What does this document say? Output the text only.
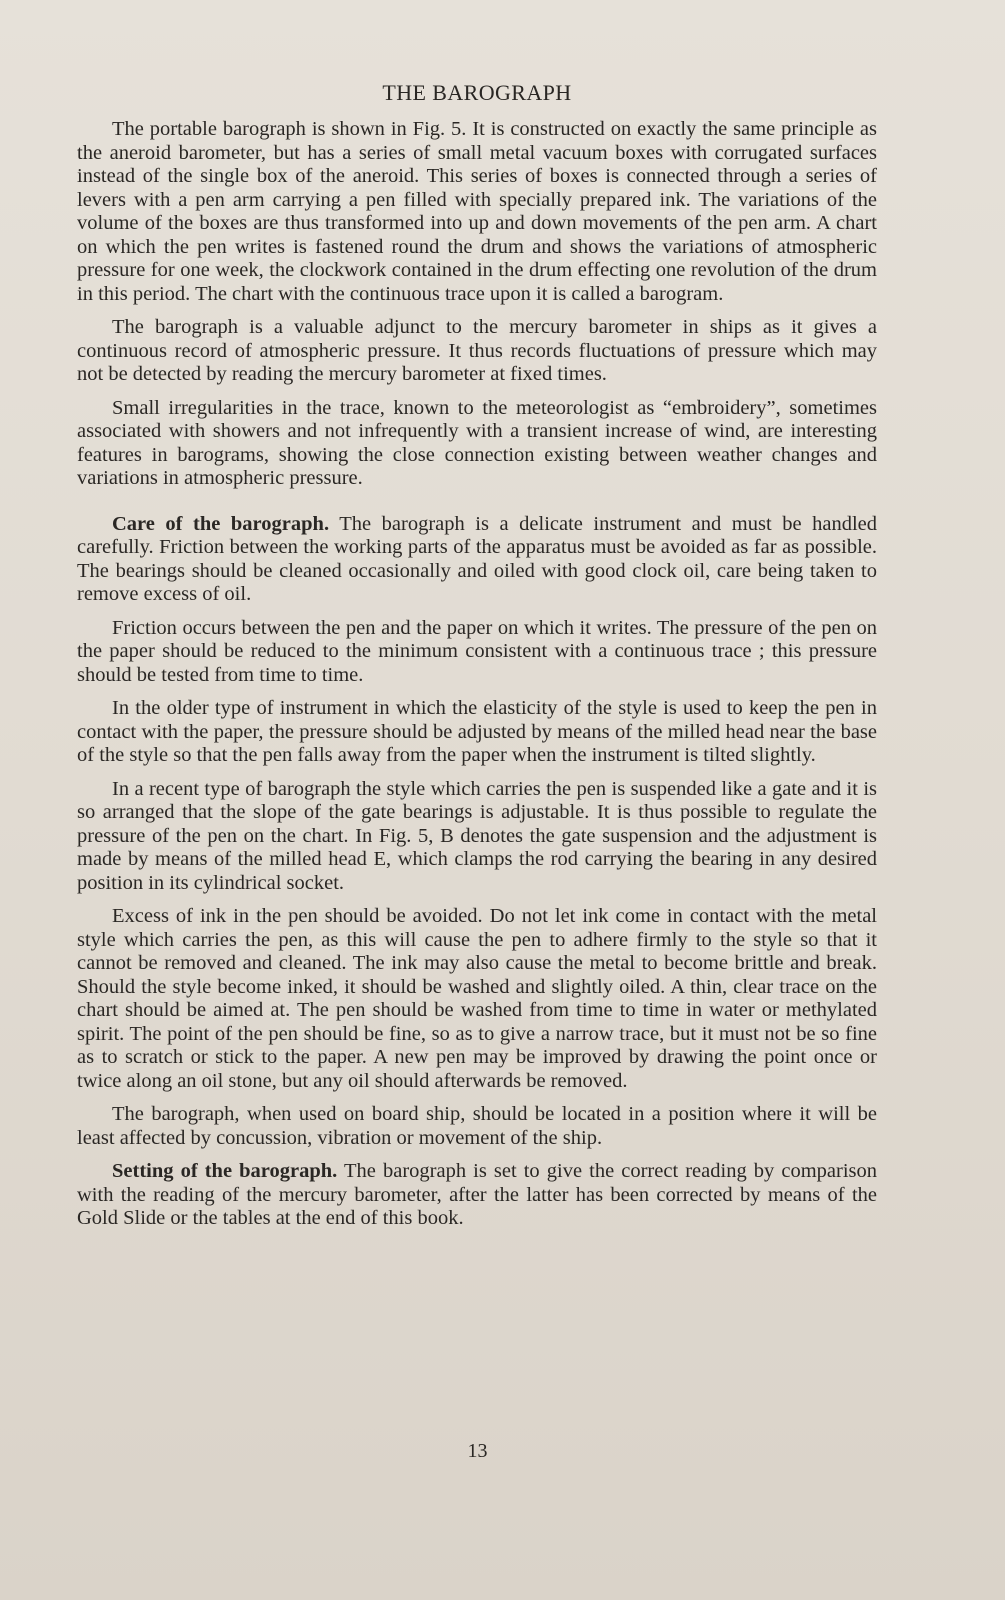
THE BAROGRAPH

The portable barograph is shown in Fig. 5. It is constructed on exactly the same principle as the aneroid barometer, but has a series of small metal vacuum boxes with corrugated surfaces instead of the single box of the aneroid. This series of boxes is connected through a series of levers with a pen arm carrying a pen filled with specially prepared ink. The variations of the volume of the boxes are thus transformed into up and down movements of the pen arm. A chart on which the pen writes is fastened round the drum and shows the variations of atmospheric pressure for one week, the clockwork contained in the drum effecting one revolution of the drum in this period. The chart with the continuous trace upon it is called a barogram.

The barograph is a valuable adjunct to the mercury barometer in ships as it gives a continuous record of atmospheric pressure. It thus records fluctuations of pressure which may not be detected by reading the mercury barometer at fixed times.

Small irregularities in the trace, known to the meteorologist as “embroidery”, sometimes associated with showers and not infrequently with a transient increase of wind, are interesting features in barograms, showing the close connection existing between weather changes and variations in atmospheric pressure.

Care of the barograph. The barograph is a delicate instrument and must be handled carefully. Friction between the working parts of the apparatus must be avoided as far as possible. The bearings should be cleaned occasionally and oiled with good clock oil, care being taken to remove excess of oil.

Friction occurs between the pen and the paper on which it writes. The pressure of the pen on the paper should be reduced to the minimum consistent with a continuous trace ; this pressure should be tested from time to time.

In the older type of instrument in which the elasticity of the style is used to keep the pen in contact with the paper, the pressure should be adjusted by means of the milled head near the base of the style so that the pen falls away from the paper when the instrument is tilted slightly.

In a recent type of barograph the style which carries the pen is suspended like a gate and it is so arranged that the slope of the gate bearings is adjustable. It is thus possible to regulate the pressure of the pen on the chart. In Fig. 5, B denotes the gate suspension and the adjustment is made by means of the milled head E, which clamps the rod carrying the bearing in any desired position in its cylindrical socket.

Excess of ink in the pen should be avoided. Do not let ink come in contact with the metal style which carries the pen, as this will cause the pen to adhere firmly to the style so that it cannot be removed and cleaned. The ink may also cause the metal to become brittle and break. Should the style become inked, it should be washed and slightly oiled. A thin, clear trace on the chart should be aimed at. The pen should be washed from time to time in water or methylated spirit. The point of the pen should be fine, so as to give a narrow trace, but it must not be so fine as to scratch or stick to the paper. A new pen may be improved by drawing the point once or twice along an oil stone, but any oil should afterwards be removed.

The barograph, when used on board ship, should be located in a position where it will be least affected by concussion, vibration or movement of the ship.

Setting of the barograph. The barograph is set to give the correct reading by comparison with the reading of the mercury barometer, after the latter has been corrected by means of the Gold Slide or the tables at the end of this book.

13
